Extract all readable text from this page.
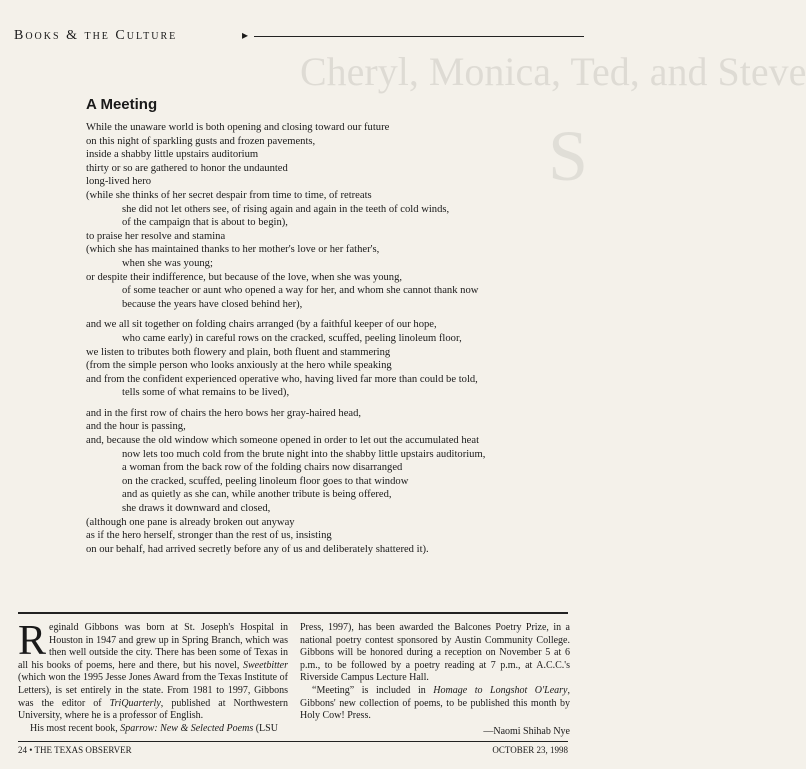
Cheryl, Monica, Ted, and Steve
S
Books & the Culture	▸
A Meeting
While the unaware world is both opening and closing toward our future
on this night of sparkling gusts and frozen pavements,
inside a shabby little upstairs auditorium
thirty or so are gathered to honor the undaunted
long-lived hero
(while she thinks of her secret despair from time to time, of retreats
she did not let others see, of rising again and again in the teeth of cold winds,
of the campaign that is about to begin),
to praise her resolve and stamina
(which she has maintained thanks to her mother's love or her father's,
when she was young;
or despite their indifference, but because of the love, when she was young,
of some teacher or aunt who opened a way for her, and whom she cannot thank now
because the years have closed behind her),
and we all sit together on folding chairs arranged (by a faithful keeper of our hope,
who came early) in careful rows on the cracked, scuffed, peeling linoleum floor,
we listen to tributes both flowery and plain, both fluent and stammering
(from the simple person who looks anxiously at the hero while speaking
and from the confident experienced operative who, having lived far more than could be told,
tells some of what remains to be lived),
and in the first row of chairs the hero bows her gray-haired head,
and the hour is passing,
and, because the old window which someone opened in order to let out the accumulated heat
now lets too much cold from the brute night into the shabby little upstairs auditorium,
a woman from the back row of the folding chairs now disarranged
on the cracked, scuffed, peeling linoleum floor goes to that window
and as quietly as she can, while another tribute is being offered,
she draws it downward and closed,
(although one pane is already broken out anyway
as if the hero herself, stronger than the rest of us, insisting
on our behalf, had arrived secretly before any of us and deliberately shattered it).

Reginald Gibbons was born at St. Joseph's Hospital in Houston in 1947 and grew up in Spring Branch, which was then well outside the city. There has been some of Texas in all his books of poems, here and there, but his novel, Sweetbitter (which won the 1995 Jesse Jones Award from the Texas Institute of Letters), is set entirely in the state. From 1981 to 1997, Gibbons was the editor of TriQuarterly, published at Northwestern University, where he is a professor of English.

His most recent book, Sparrow: New & Selected Poems (LSU

Press, 1997), has been awarded the Balcones Poetry Prize, in a national poetry contest sponsored by Austin Community College. Gibbons will be honored during a reception on November 5 at 6 p.m., to be followed by a poetry reading at 7 p.m., at A.C.C.'s Riverside Campus Lecture Hall.

“Meeting” is included in Homage to Longshot O'Leary, Gibbons' new collection of poems, to be published this month by Holy Cow! Press.

—Naomi Shihab Nye
24 • THE TEXAS OBSERVER	OCTOBER 23, 1998
